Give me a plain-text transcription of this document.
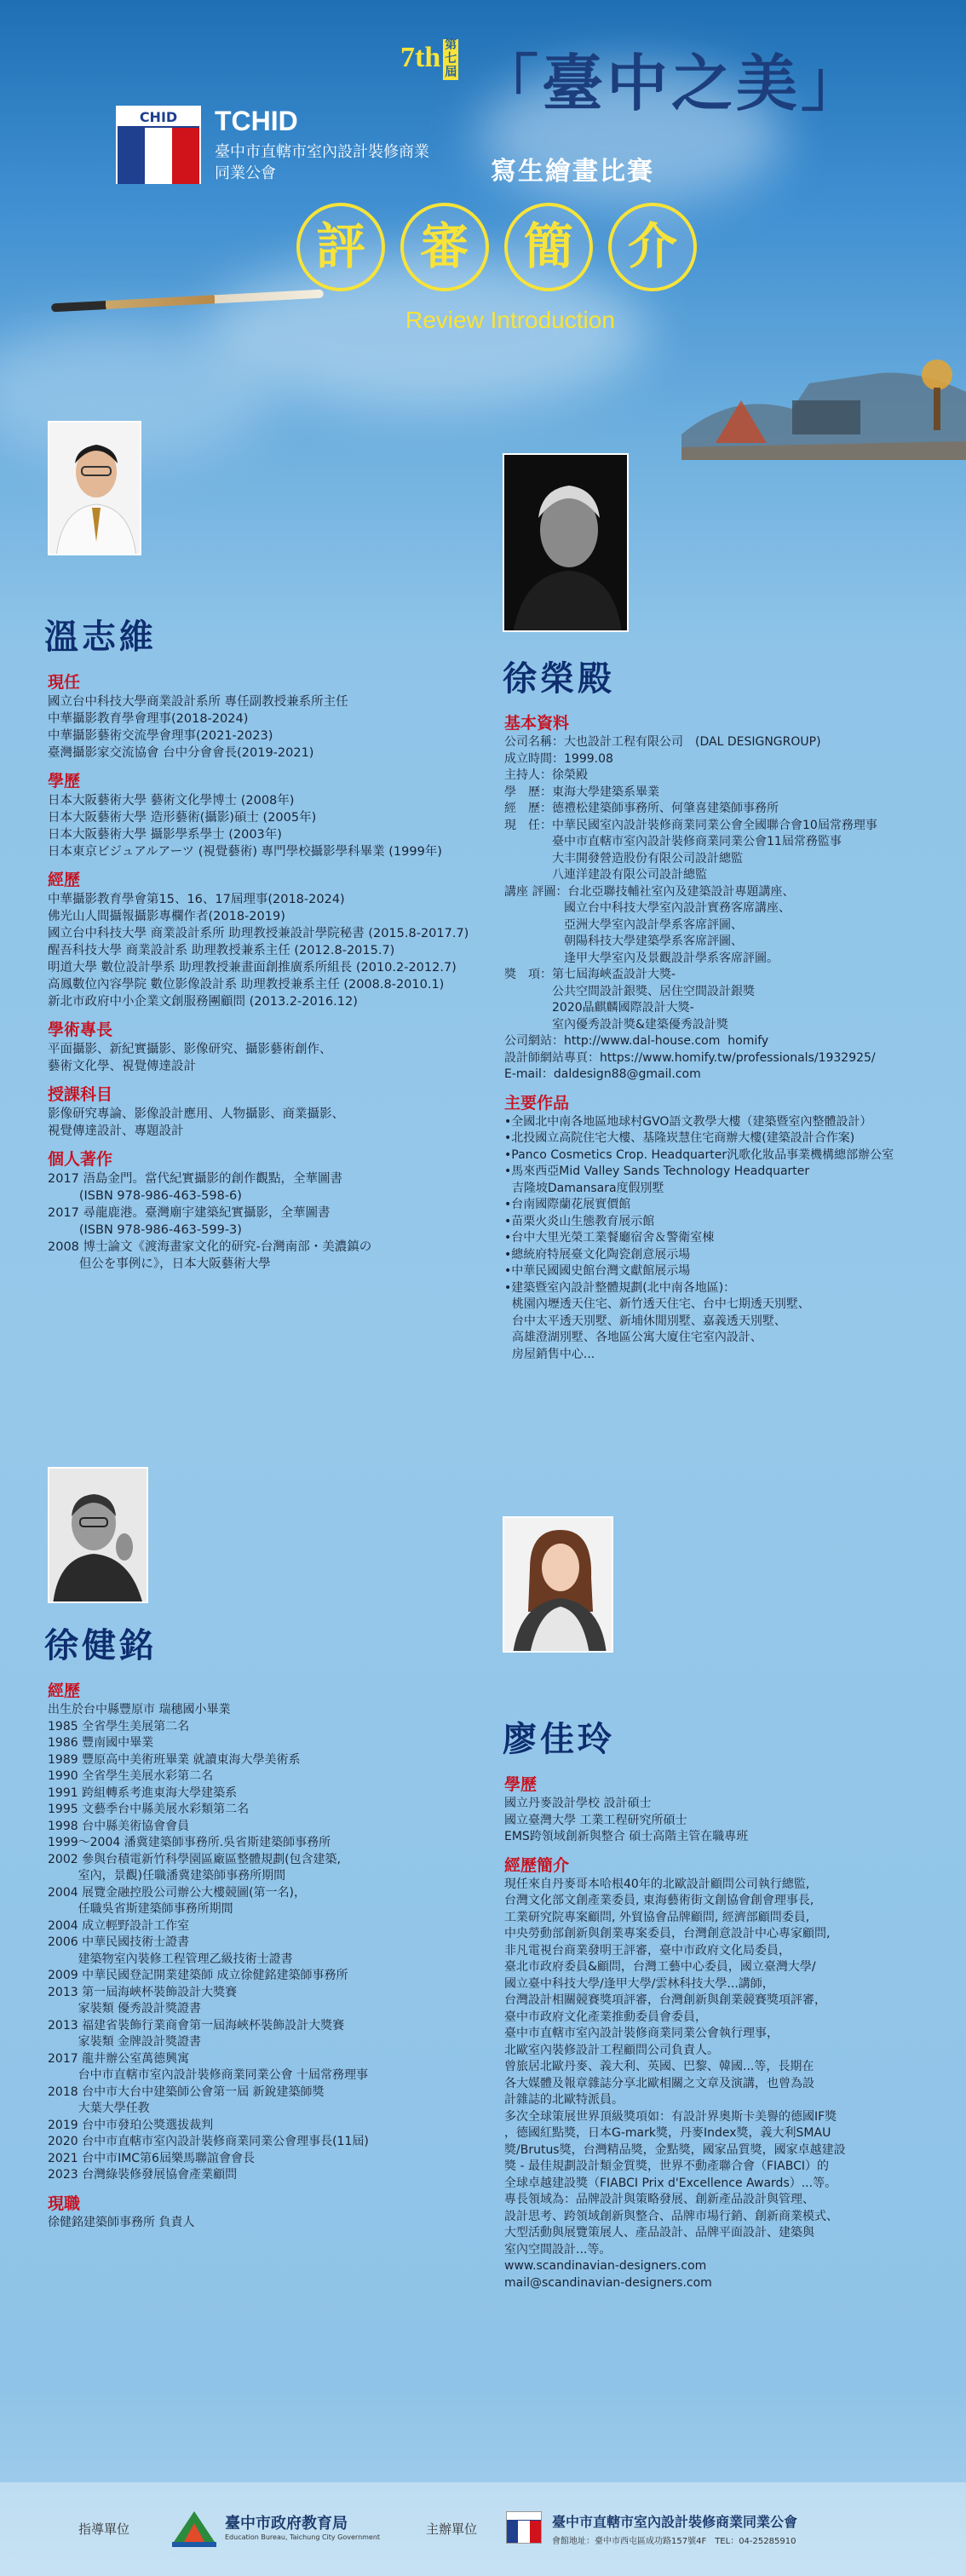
CHID	TCHID
臺中市直轄市室內設計裝修商業同業公會
7th 第七屆 「臺中之美」
寫生繪畫比賽
評	審	簡	介
Review Introduction
溫志維
現任
國立台中科技大學商業設計系所 專任副教授兼系所主任
中華攝影教育學會理事(2018-2024)
中華攝影藝術交流學會理事(2021-2023)
臺灣攝影家交流協會 台中分會會長(2019-2021)
學歷
日本大阪藝術大學 藝術文化學博士 (2008年)
日本大阪藝術大學 造形藝術(攝影)碩士 (2005年)
日本大阪藝術大學 攝影學系學士 (2003年)
日本東京ビジュアルアーツ (視覺藝術) 專門學校攝影學科畢業 (1999年)
經歷
中華攝影教育學會第15、16、17屆理事(2018-2024)
佛光山人間攝報攝影專欄作者(2018-2019)
國立台中科技大學 商業設計系所 助理教授兼設計學院秘書 (2015.8-2017.7)
醒吾科技大學 商業設計系 助理教授兼系主任 (2012.8-2015.7)
明道大學 數位設計學系 助理教授兼畫面創推廣系所組長 (2010.2-2012.7)
高鳳數位內容學院 數位影像設計系 助理教授兼系主任 (2008.8-2010.1)
新北市政府中小企業文創服務團顧問 (2013.2-2016.12)
學術專長
平面攝影、新紀實攝影、影像研究、攝影藝術創作、
藝術文化學、視覺傳達設計
授課科目
影像研究專論、影像設計應用、人物攝影、商業攝影、
視覺傳達設計、專題設計
個人著作
2017 浯島金門。當代紀實攝影的創作觀點，全華圖書
(ISBN 978-986-463-598-6)
2017 尋龍鹿港。臺灣廟宇建築紀實攝影，全華圖書
(ISBN 978-986-463-599-3)
2008 博士論文《渡海畫家文化的研究-台灣南部・美濃鎮の
但公を事例に》，日本大阪藝術大學
徐榮殿
基本資料
公司名稱：大也設計工程有限公司　(DAL DESIGNGROUP)
成立時間：1999.08
主持人：徐榮殿
學　歷：東海大學建築系畢業
經　歷：德禮松建築師事務所、何肇喜建築師事務所
現　任：中華民國室內設計裝修商業同業公會全國聯合會10屆常務理事
　　　　臺中市直轄市室內設計裝修商業同業公會11屆常務監事
　　　　大丰開發營造股份有限公司設計總監
　　　　八連洋建設有限公司設計總監
講座 評圖：台北亞聯技輔社室內及建築設計專題講座、
　　　　　國立台中科技大學室內設計實務客席講座、
　　　　　亞洲大學室內設計學系客席評圖、
　　　　　朝陽科技大學建築學系客席評圖、
　　　　　逢甲大學室內及景觀設計學系客席評圖。
獎　項：第七屆海峽盃設計大獎-
　　　　公共空間設計銀獎、居住空間設計銀獎
　　　　2020晶麒麟國際設計大獎-
　　　　室內優秀設計獎&建築優秀設計獎
公司網站：http://www.dal-house.com  homify
設計師網站專頁：https://www.homify.tw/professionals/1932925/
E-mail：daldesign88@gmail.com
主要作品
•全國北中南各地區地球村GVO語文教學大樓（建築暨室內整體設計）
•北投國立高院住宅大樓、基隆崁慧住宅商辦大樓(建築設計合作案)
•Panco Cosmetics Crop. Headquarter汎歌化妝品事業機構總部辦公室
•馬來西亞Mid Valley Sands Technology Headquarter
吉隆坡Damansara度假別墅
•台南國際蘭花展實價館
•苗栗火炎山生態教育展示館
•台中大里光榮工業餐廳宿舍＆警衛室棟
•總統府特展臺文化陶瓷創意展示場
•中華民國國史館台灣文獻館展示場
•建築暨室內設計整體規劃(北中南各地區)：
桃園內壢透天住宅、新竹透天住宅、台中七期透天別墅、
台中太平透天別墅、新埔休閒別墅、嘉義透天別墅、
高雄澄湖別墅、各地區公寓大廈住宅室內設計、
房屋銷售中心...
徐健銘
經歷
出生於台中縣豐原市 瑞穗國小畢業
1985 全省學生美展第二名
1986 豐南國中畢業
1989 豐原高中美術班畢業 就讀東海大學美術系
1990 全省學生美展水彩第二名
1991 跨組轉系考進東海大學建築系
1995 文藝季台中縣美展水彩類第二名
1998 台中縣美術協會會員
1999～2004 潘冀建築師事務所.吳省斯建築師事務所
2002 參與台積電新竹科學園區廠區整體規劃(包含建築,
室內，景觀)任職潘冀建築師事務所期間
2004 展覽金融控股公司辦公大樓競圖(第一名)，
任職吳省斯建築師事務所期間
2004 成立輕野設計工作室
2006 中華民國技術士證書
建築物室內裝修工程管理乙級技術士證書
2009 中華民國登記開業建築師 成立徐健銘建築師事務所
2013 第一屆海峽杯裝飾設計大獎賽
家裝類 優秀設計獎證書
2013 福建省裝飾行業商會第一屆海峽杯裝飾設計大獎賽
家裝類 金牌設計獎證書
2017 龍井辦公室萬德興寓
台中市直轄市室內設計裝修商業同業公會 十屆常務理事
2018 台中市大台中建築師公會第一屆 新銳建築師獎
大葉大學任教
2019 台中市發珀公獎選拔裁判
2020 台中市直轄市室內設計裝修商業同業公會理事長(11屆)
2021 台中市IMC第6屆樂馬聯誼會會長
2023 台灣綠裝修發展協會產業顧問
現職
徐健銘建築師事務所 負責人
廖佳玲
學歷
國立丹麥設計學校 設計碩士
國立臺灣大學 工業工程研究所碩士
EMS跨領域創新與整合 碩士高階主管在職專班
經歷簡介
現任來自丹麥哥本哈根40年的北歐設計顧問公司執行總監,
台灣文化部文創產業委員, 東海藝術街文創協會創會理事長,
工業研究院專案顧問, 外貿協會品牌顧問, 經濟部顧問委員,
中央勞動部創新與創業專案委員，台灣創意設計中心專家顧問,
非凡電視台商業發明王評審，臺中市政府文化局委員，
臺北市政府委員&顧問，台灣工藝中心委員，國立臺灣大學/
國立臺中科技大學/逢甲大學/雲林科技大學...講師，
台灣設計相關競賽獎項評審，台灣創新與創業競賽獎項評審，
臺中市政府文化產業推動委員會委員，
臺中市直轄市室內設計裝修商業同業公會執行理事，
北歐室內裝修設計工程顧問公司負責人。
曾旅居北歐丹麥、義大利、英國、巴黎、韓國...等，長期在
各大媒體及報章雜誌分享北歐相關之文章及演講，也曾為設
計雜誌的北歐特派員。
多次全球策展世界頂級獎項如：有設計界奧斯卡美譽的德國IF獎
，德國紅點獎，日本G-mark獎，丹麥Index獎，義大利SMAU
獎/Brutus獎，台灣精品獎，金點獎，國家品質獎，國家卓越建設
獎 - 最佳規劃設計類金質獎，世界不動產聯合會（FIABCI）的
全球卓越建設獎（FIABCI Prix d'Excellence Awards）...等。
專長領域為：品牌設計與策略發展、創新產品設計與管理、
設計思考、跨領域創新與整合、品牌市場行銷、創新商業模式、
大型活動與展覽策展人、產品設計、品牌平面設計、建築與
室內空間設計...等。
www.scandinavian-designers.com
mail@scandinavian-designers.com
指導單位	臺中市政府教育局
Education Bureau, Taichung City Government
主辦單位	臺中市直轄市室內設計裝修商業同業公會
會館地址：臺中市西屯區成功路157號4F　TEL：04-25285910
